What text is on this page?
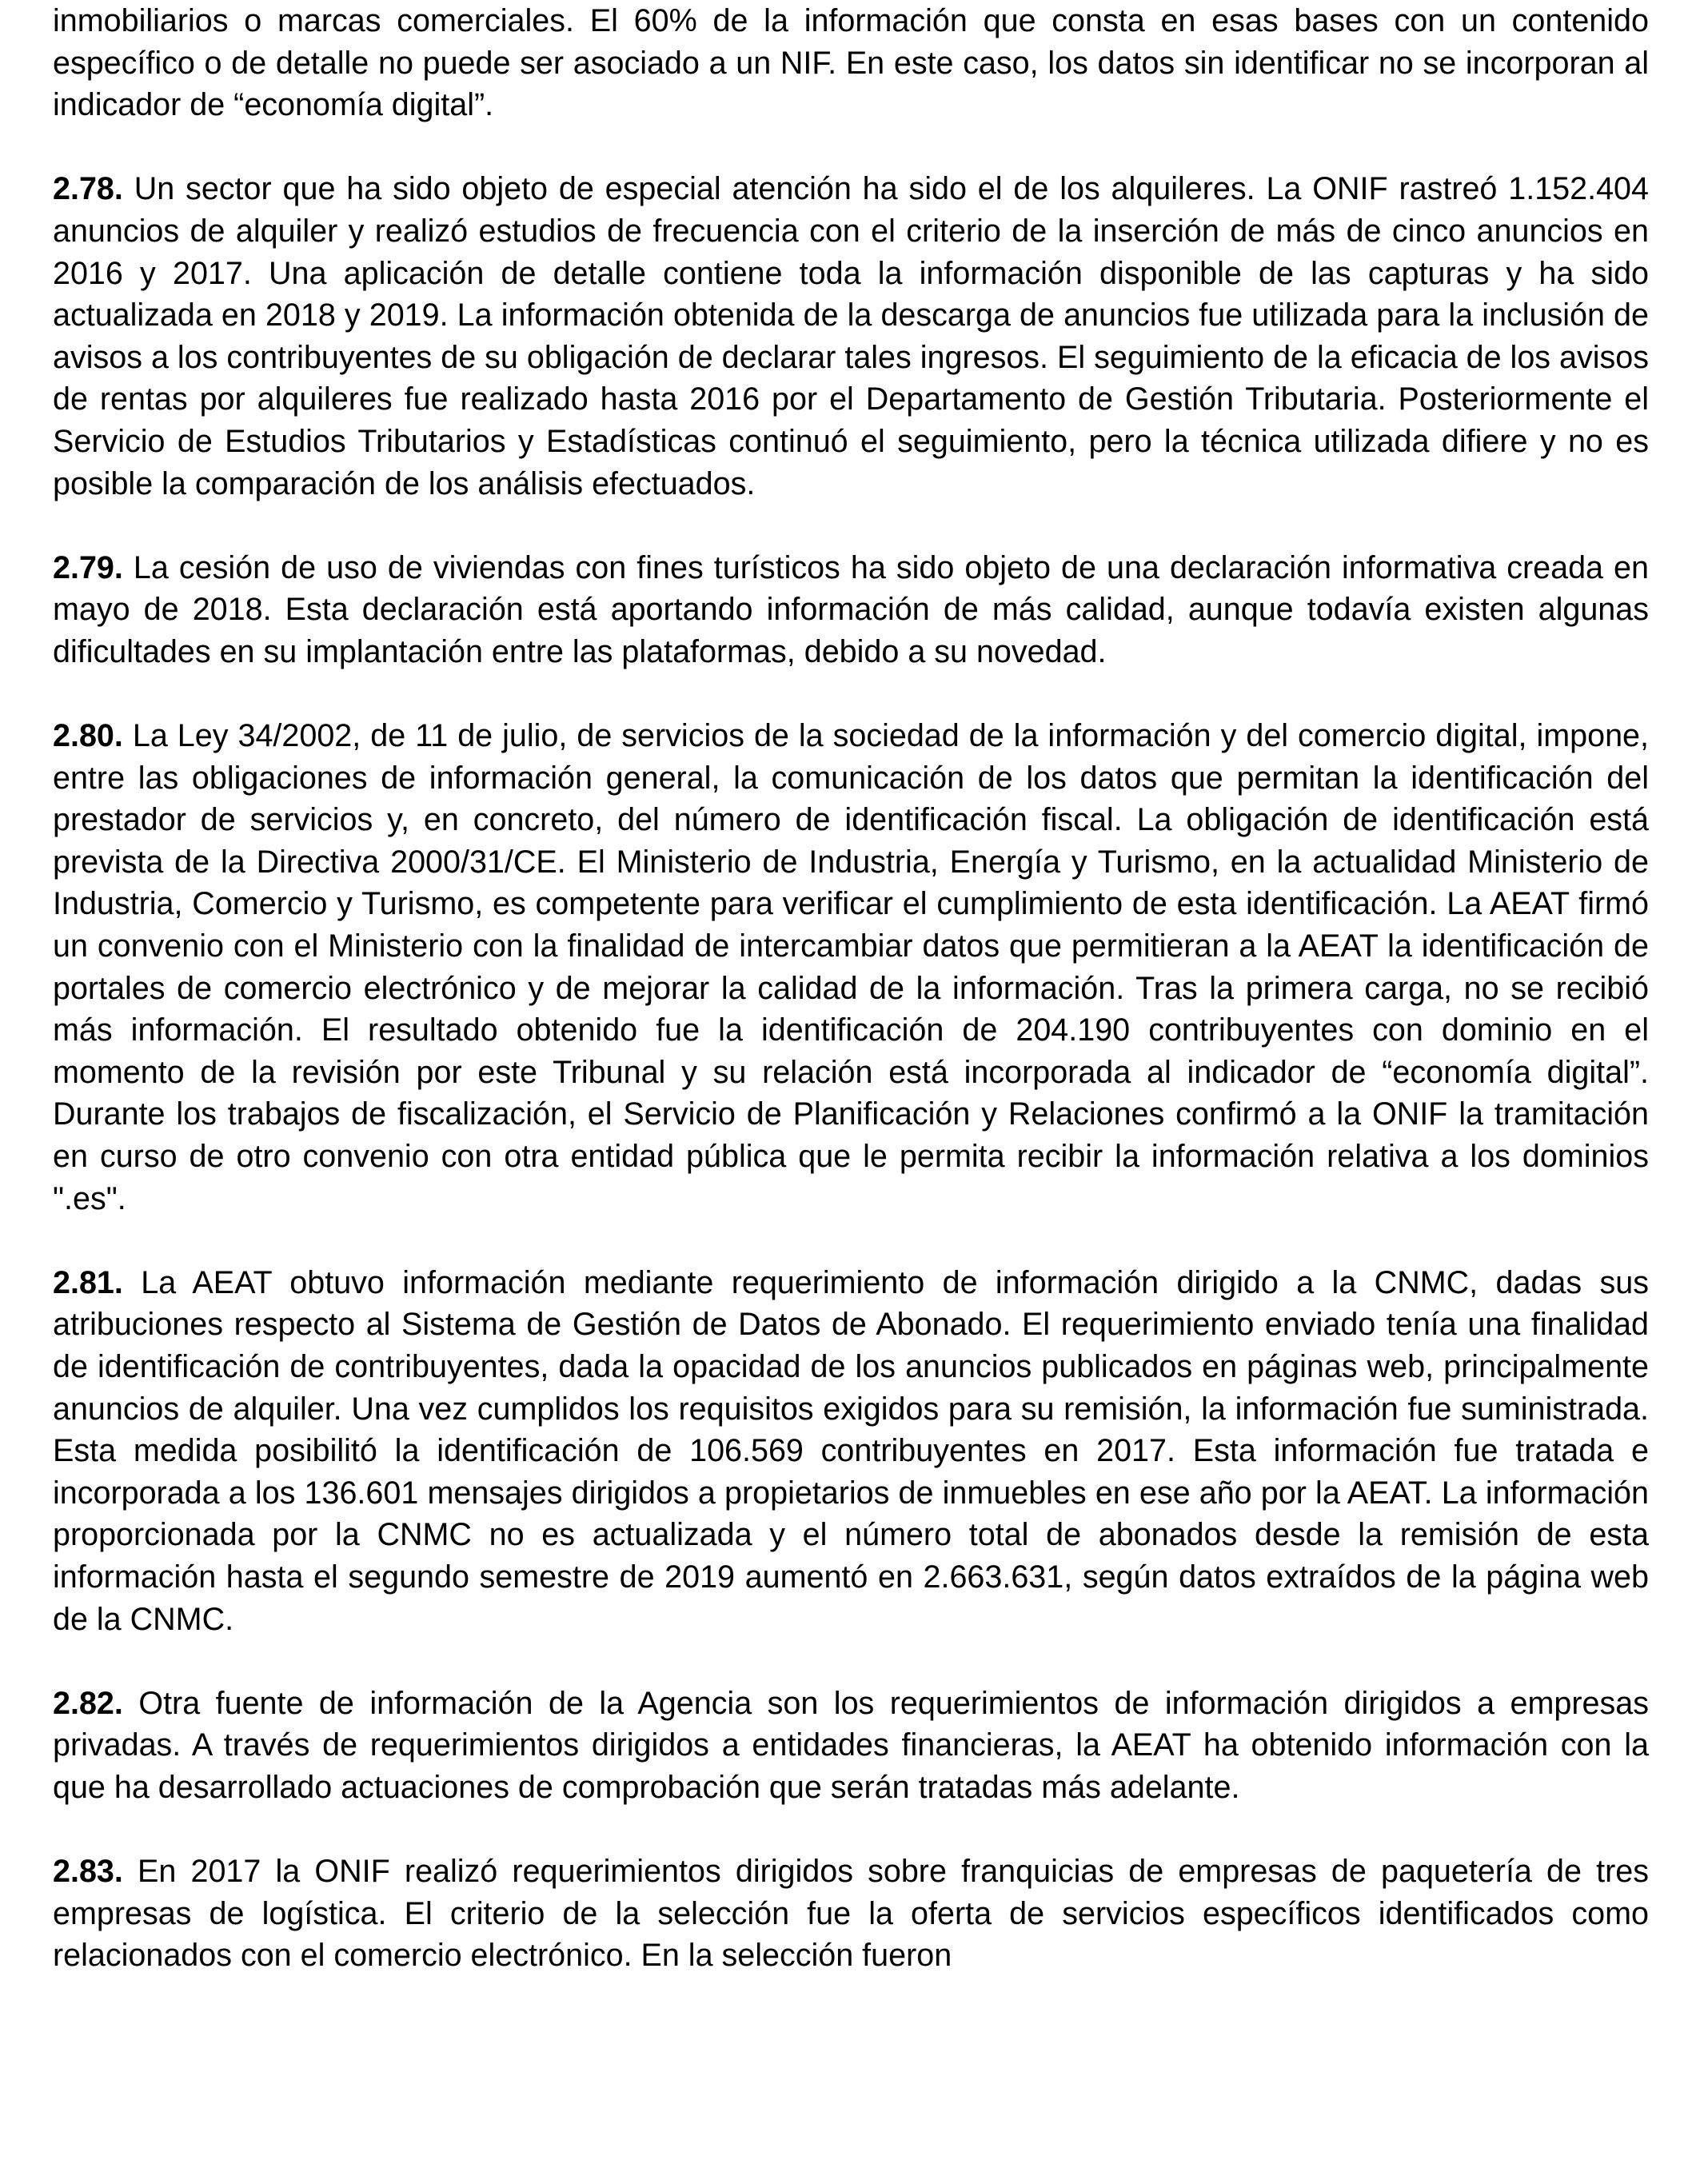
inmobiliarios o marcas comerciales. El 60% de la información que consta en esas bases con un contenido específico o de detalle no puede ser asociado a un NIF. En este caso, los datos sin identificar no se incorporan al indicador de “economía digital”.

2.78. Un sector que ha sido objeto de especial atención ha sido el de los alquileres. La ONIF rastreó 1.152.404 anuncios de alquiler y realizó estudios de frecuencia con el criterio de la inserción de más de cinco anuncios en 2016 y 2017. Una aplicación de detalle contiene toda la información disponible de las capturas y ha sido actualizada en 2018 y 2019. La información obtenida de la descarga de anuncios fue utilizada para la inclusión de avisos a los contribuyentes de su obligación de declarar tales ingresos. El seguimiento de la eficacia de los avisos de rentas por alquileres fue realizado hasta 2016 por el Departamento de Gestión Tributaria. Posteriormente el Servicio de Estudios Tributarios y Estadísticas continuó el seguimiento, pero la técnica utilizada difiere y no es posible la comparación de los análisis efectuados.

2.79. La cesión de uso de viviendas con fines turísticos ha sido objeto de una declaración informativa creada en mayo de 2018. Esta declaración está aportando información de más calidad, aunque todavía existen algunas dificultades en su implantación entre las plataformas, debido a su novedad.

2.80. La Ley 34/2002, de 11 de julio, de servicios de la sociedad de la información y del comercio digital, impone, entre las obligaciones de información general, la comunicación de los datos que permitan la identificación del prestador de servicios y, en concreto, del número de identificación fiscal. La obligación de identificación está prevista de la Directiva 2000/31/CE. El Ministerio de Industria, Energía y Turismo, en la actualidad Ministerio de Industria, Comercio y Turismo, es competente para verificar el cumplimiento de esta identificación. La AEAT firmó un convenio con el Ministerio con la finalidad de intercambiar datos que permitieran a la AEAT la identificación de portales de comercio electrónico y de mejorar la calidad de la información. Tras la primera carga, no se recibió más información. El resultado obtenido fue la identificación de 204.190 contribuyentes con dominio en el momento de la revisión por este Tribunal y su relación está incorporada al indicador de “economía digital”. Durante los trabajos de fiscalización, el Servicio de Planificación y Relaciones confirmó a la ONIF la tramitación en curso de otro convenio con otra entidad pública que le permita recibir la información relativa a los dominios ".es".

2.81. La AEAT obtuvo información mediante requerimiento de información dirigido a la CNMC, dadas sus atribuciones respecto al Sistema de Gestión de Datos de Abonado. El requerimiento enviado tenía una finalidad de identificación de contribuyentes, dada la opacidad de los anuncios publicados en páginas web, principalmente anuncios de alquiler. Una vez cumplidos los requisitos exigidos para su remisión, la información fue suministrada. Esta medida posibilitó la identificación de 106.569 contribuyentes en 2017. Esta información fue tratada e incorporada a los 136.601 mensajes dirigidos a propietarios de inmuebles en ese año por la AEAT. La información proporcionada por la CNMC no es actualizada y el número total de abonados desde la remisión de esta información hasta el segundo semestre de 2019 aumentó en 2.663.631, según datos extraídos de la página web de la CNMC.

2.82. Otra fuente de información de la Agencia son los requerimientos de información dirigidos a empresas privadas. A través de requerimientos dirigidos a entidades financieras, la AEAT ha obtenido información con la que ha desarrollado actuaciones de comprobación que serán tratadas más adelante.

2.83. En 2017 la ONIF realizó requerimientos dirigidos sobre franquicias de empresas de paquetería de tres empresas de logística. El criterio de la selección fue la oferta de servicios específicos identificados como relacionados con el comercio electrónico. En la selección fueron
